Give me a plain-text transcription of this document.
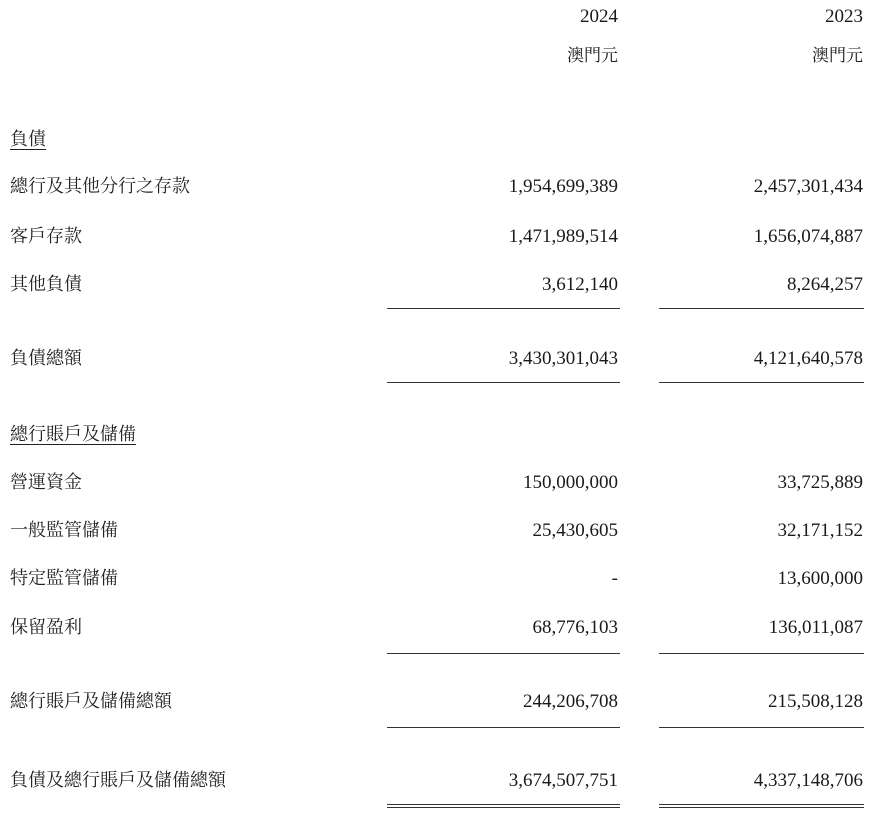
2024	2023
澳門元	澳門元
負債
總行及其他分行之存款	1,954,699,389	2,457,301,434
客戶存款	1,471,989,514	1,656,074,887
其他負債	3,612,140	8,264,257
負債總額	3,430,301,043	4,121,640,578
總行賬戶及儲備
營運資金	150,000,000	33,725,889
一般監管儲備	25,430,605	32,171,152
特定監管儲備	-	13,600,000
保留盈利	68,776,103	136,011,087
總行賬戶及儲備總額	244,206,708	215,508,128
負債及總行賬戶及儲備總額	3,674,507,751	4,337,148,706
